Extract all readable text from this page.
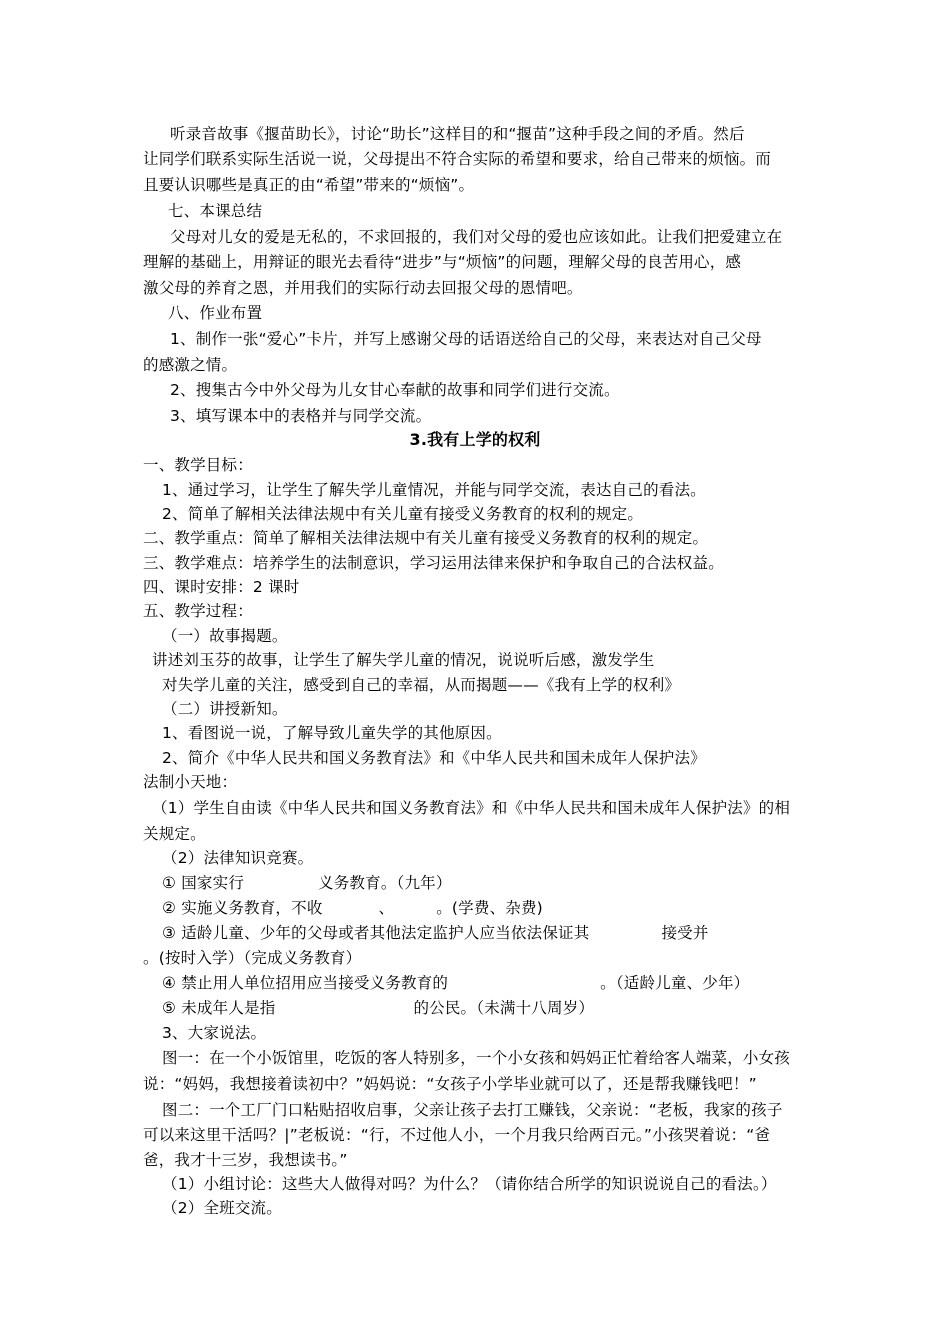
听录音故事《揠苗助长》，讨论“助长”这样目的和“揠苗”这种手段之间的矛盾。然后
让同学们联系实际生活说一说，父母提出不符合实际的希望和要求，给自己带来的烦恼。而
且要认识哪些是真正的由“希望”带来的“烦恼”。
七、本课总结
父母对儿女的爱是无私的，不求回报的，我们对父母的爱也应该如此。让我们把爱建立在
理解的基础上，用辩证的眼光去看待“进步”与“烦恼”的问题，理解父母的良苦用心，感
激父母的养育之恩，并用我们的实际行动去回报父母的恩情吧。
八、作业布置
1、制作一张“爱心”卡片，并写上感谢父母的话语送给自己的父母，来表达对自己父母
的感激之情。
2、搜集古今中外父母为儿女甘心奉献的故事和同学们进行交流。
3、填写课本中的表格并与同学交流。
3.我有上学的权利
一、教学目标：
1、通过学习，让学生了解失学儿童情况，并能与同学交流，表达自己的看法。
2、简单了解相关法律法规中有关儿童有接受义务教育的权利的规定。
二、教学重点：简单了解相关法律法规中有关儿童有接受义务教育的权利的规定。
三、教学难点：培养学生的法制意识，学习运用法律来保护和争取自己的合法权益。
四、课时安排：2 课时
五、教学过程：
（一）故事揭题。
讲述刘玉芬的故事，让学生了解失学儿童的情况，说说听后感，激发学生
对失学儿童的关注，感受到自己的幸福，从而揭题——《我有上学的权利》
（二）讲授新知。
1、看图说一说，了解导致儿童失学的其他原因。
2、简介《中华人民共和国义务教育法》和《中华人民共和国未成年人保护法》
法制小天地：
（1）学生自由读《中华人民共和国义务教育法》和《中华人民共和国未成年人保护法》的相
关规定。
（2）法律知识竞赛。
① 国家实行	义务教育。（九年）
② 实施义务教育，不收	、	。(学费、杂费)
③ 适龄儿童、少年的父母或者其他法定监护人应当依法保证其	接受并
。(按时入学）（完成义务教育）
④ 禁止用人单位招用应当接受义务教育的	。（适龄儿童、少年）
⑤ 未成年人是指	的公民。（未满十八周岁）
3、大家说法。
图一：在一个小饭馆里，吃饭的客人特别多，一个小女孩和妈妈正忙着给客人端菜，小女孩
说：“妈妈，我想接着读初中？”妈妈说：“女孩子小学毕业就可以了，还是帮我赚钱吧！”
图二：一个工厂门口粘贴招收启事，父亲让孩子去打工赚钱，父亲说：“老板，我家的孩子
可以来这里干活吗？|”老板说：“行，不过他人小，一个月我只给两百元。”小孩哭着说：“爸
爸，我才十三岁，我想读书。”
（1）小组讨论：这些大人做得对吗？为什么？（请你结合所学的知识说说自己的看法。）
（2）全班交流。
